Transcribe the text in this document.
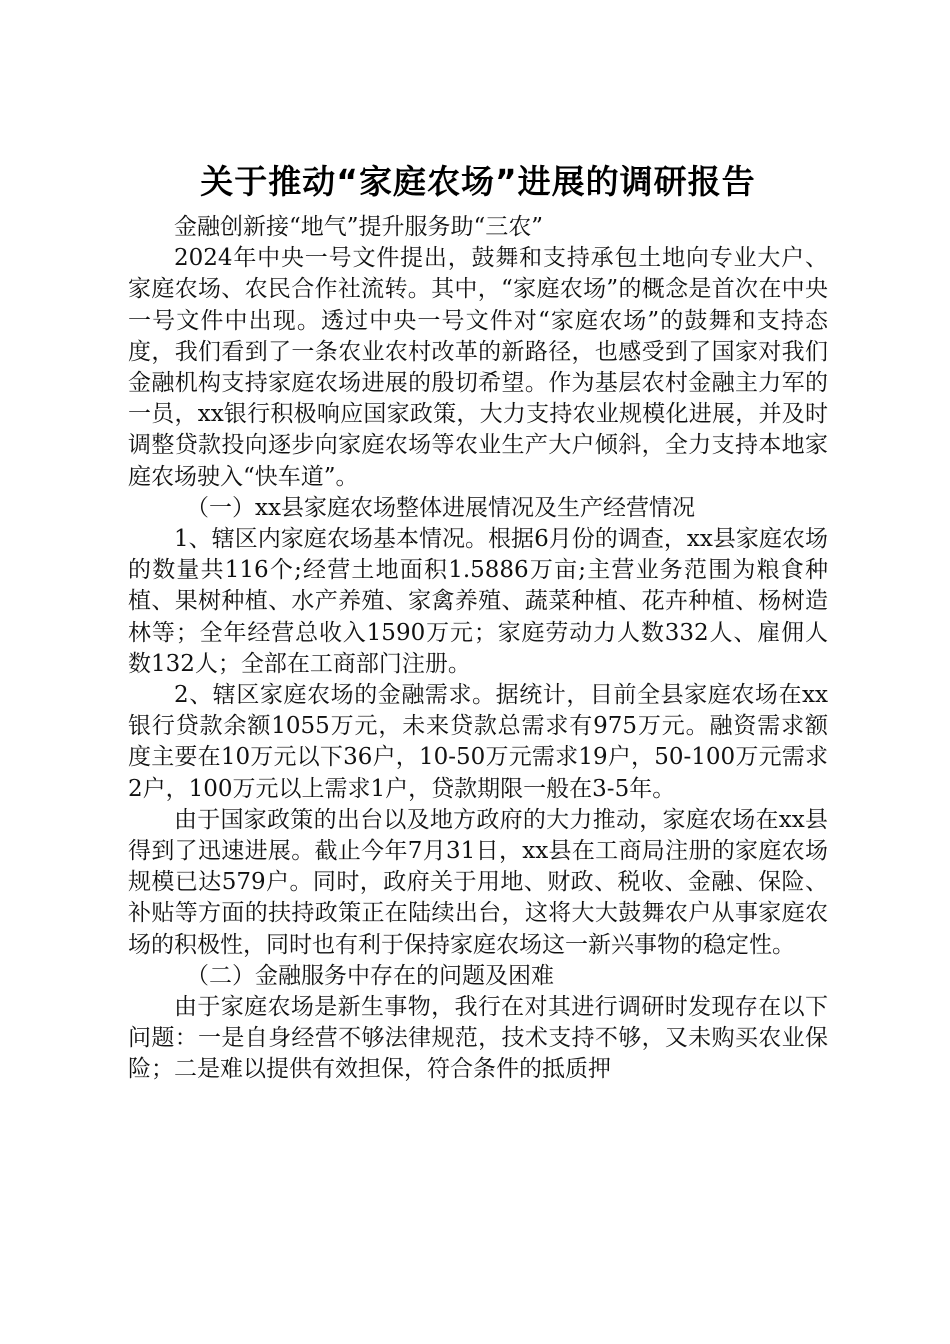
关于推动“家庭农场”进展的调研报告

金融创新接“地气”提升服务助“三农”

2024年中央一号文件提出，鼓舞和支持承包土地向专业大户、家庭农场、农民合作社流转。其中，“家庭农场”的概念是首次在中央一号文件中出现。透过中央一号文件对“家庭农场”的鼓舞和支持态度，我们看到了一条农业农村改革的新路径，也感受到了国家对我们金融机构支持家庭农场进展的殷切希望。作为基层农村金融主力军的一员，xx银行积极响应国家政策，大力支持农业规模化进展，并及时调整贷款投向逐步向家庭农场等农业生产大户倾斜，全力支持本地家庭农场驶入“快车道”。

（一）xx县家庭农场整体进展情况及生产经营情况

1、辖区内家庭农场基本情况。根据6月份的调查，xx县家庭农场的数量共116个;经营土地面积1.5886万亩;主营业务范围为粮食种植、果树种植、水产养殖、家禽养殖、蔬菜种植、花卉种植、杨树造林等；全年经营总收入1590万元；家庭劳动力人数332人、雇佣人数132人；全部在工商部门注册。

2、辖区家庭农场的金融需求。据统计，目前全县家庭农场在xx银行贷款余额1055万元，未来贷款总需求有975万元。融资需求额度主要在10万元以下36户，10-50万元需求19户，50-100万元需求2户，100万元以上需求1户，贷款期限一般在3-5年。

由于国家政策的出台以及地方政府的大力推动，家庭农场在xx县得到了迅速进展。截止今年7月31日，xx县在工商局注册的家庭农场规模已达579户。同时，政府关于用地、财政、税收、金融、保险、补贴等方面的扶持政策正在陆续出台，这将大大鼓舞农户从事家庭农场的积极性，同时也有利于保持家庭农场这一新兴事物的稳定性。

（二）金融服务中存在的问题及困难

由于家庭农场是新生事物，我行在对其进行调研时发现存在以下问题：一是自身经营不够法律规范，技术支持不够，又未购买农业保险；二是难以提供有效担保，符合条件的抵质押
